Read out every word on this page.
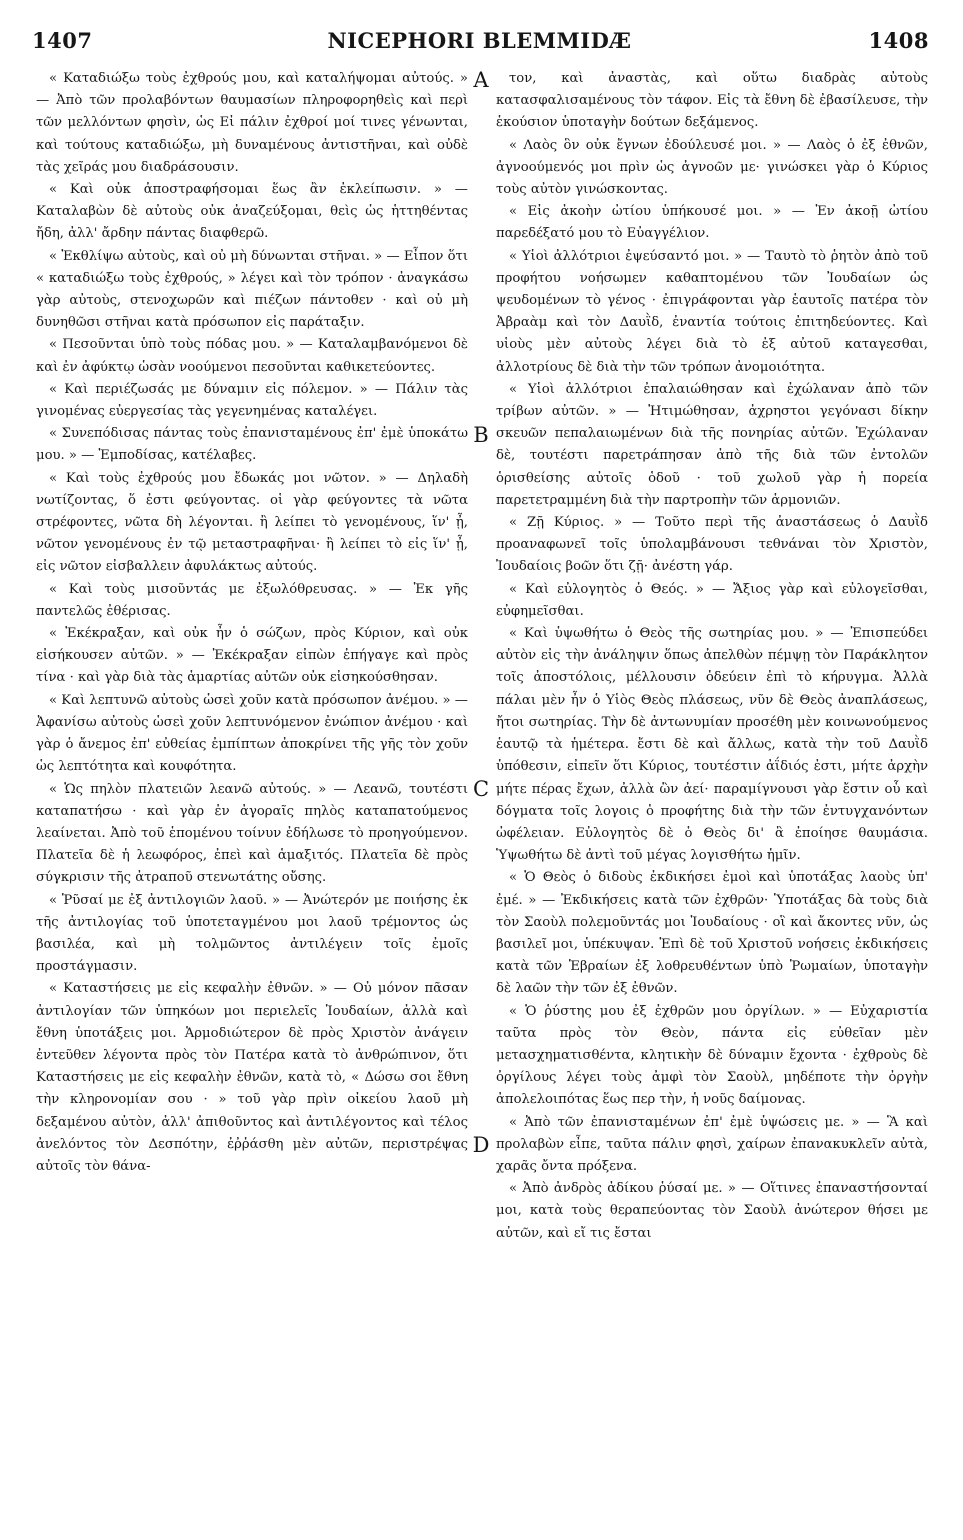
1407	NICEPHORI BLEMMIDÆ	1408

« Καταδιώξω τοὺς ἐχθρούς μου, καὶ καταλήψομαι αὐτούς. » — Ἀπὸ τῶν προλαβόντων θαυμασίων πληροφορηθεὶς καὶ περὶ τῶν μελλόντων φησὶν, ὡς Εἰ πάλιν ἐχθροί μοί τινες γένωνται, καὶ τούτους καταδιώξω, μὴ δυναμένους ἀντιστῆναι, καὶ οὐδὲ τὰς χεῖράς μου διαδράσουσιν.

« Καὶ οὐκ ἀποστραφήσομαι ἕως ἂν ἐκλείπωσιν. » — Καταλαβὼν δὲ αὐτοὺς οὐκ ἀναζεύξομαι, θεὶς ὡς ἡττηθέντας ἤδη, ἀλλ' ἄρδην πάντας διαφθερῶ.

« Ἐκθλίψω αὐτοὺς, καὶ οὐ μὴ δύνωνται στῆναι. » — Εἶπον ὅτι « καταδιώξω τοὺς ἐχθρούς, » λέγει καὶ τὸν τρόπον · ἀναγκάσω γὰρ αὐτοὺς, στενοχωρῶν καὶ πιέζων πάντοθεν · καὶ οὐ μὴ δυνηθῶσι στῆναι κατὰ πρόσωπον εἰς παράταξιν.

« Πεσοῦνται ὑπὸ τοὺς πόδας μου. » — Καταλαμβανόμενοι δὲ καὶ ἐν ἀφύκτῳ ὡσὰν νοούμενοι πεσοῦνται καθικετεύοντες.

« Καὶ περιέζωσάς με δύναμιν εἰς πόλεμον. » — Πάλιν τὰς γινομένας εὐεργεσίας τὰς γεγενημένας καταλέγει.

« Συνεπόδισας πάντας τοὺς ἐπανισταμένους ἐπ' ἐμὲ ὑποκάτω μου. » — Ἐμποδίσας, κατέλαβες.

« Καὶ τοὺς ἐχθρούς μου ἔδωκάς μοι νῶτον. » — Δηλαδὴ νωτίζοντας, ὅ ἐστι φεύγοντας. οἱ γὰρ φεύγοντες τὰ νῶτα στρέφοντες, νῶτα δὴ λέγονται. ἢ λείπει τὸ γενομένους, ἵν' ᾖ, νῶτον γενομένους ἐν τῷ μεταστραφῆναι· ἢ λείπει τὸ εἰς ἵν' ᾖ, εἰς νῶτον εἰσβαλλειν ἀφυλάκτως αὐτούς.

« Καὶ τοὺς μισοῦντάς με ἐξωλόθρευσας. » — Ἐκ γῆς παντελῶς ἐθέρισας.

« Ἐκέκραξαν, καὶ οὐκ ἦν ὁ σώζων, πρὸς Κύριον, καὶ οὐκ εἰσήκουσεν αὐτῶν. » — Ἐκέκραξαν εἰπὼν ἐπήγαγε καὶ πρὸς τίνα · καὶ γὰρ διὰ τὰς ἁμαρτίας αὐτῶν οὐκ εἰσηκούσθησαν.

« Καὶ λεπτυνῶ αὐτοὺς ὡσεὶ χοῦν κατὰ πρόσωπον ἀνέμου. » — Ἀφανίσω αὐτοὺς ὡσεὶ χοῦν λεπτυνόμενον ἐνώπιον ἀνέμου · καὶ γὰρ ὁ ἄνεμος ἐπ' εὐθείας ἐμπίπτων ἀποκρίνει τῆς γῆς τὸν χοῦν ὡς λεπτότητα καὶ κουφότητα.

« Ὡς πηλὸν πλατειῶν λεανῶ αὐτούς. » — Λεανῶ, τουτέστι καταπατήσω · καὶ γὰρ ἐν ἀγοραῖς πηλὸς καταπατούμενος λεαίνεται. Ἀπὸ τοῦ ἑπομένου τοίνυν ἐδήλωσε τὸ προηγούμενον. Πλατεῖα δὲ ἡ λεωφόρος, ἐπεὶ καὶ ἁμαξιτός. Πλατεῖα δὲ πρὸς σύγκρισιν τῆς ἀτραποῦ στενωτάτης οὔσης.

« Ῥῦσαί με ἐξ ἀντιλογιῶν λαοῦ. » — Ἀνώτερόν με ποιήσης ἐκ τῆς ἀντιλογίας τοῦ ὑποτεταγμένου μοι λαοῦ τρέμοντος ὡς βασιλέα, καὶ μὴ τολμῶντος ἀντιλέγειν τοῖς ἐμοῖς προστάγμασιν.

« Καταστήσεις με εἰς κεφαλὴν ἐθνῶν. » — Οὐ μόνον πᾶσαν ἀντιλογίαν τῶν ὑπηκόων μοι περιελεῖς Ἰουδαίων, ἀλλὰ καὶ ἔθνη ὑποτάξεις μοι. Ἁρμοδιώτερον δὲ πρὸς Χριστὸν ἀνάγειν ἐντεῦθεν λέγοντα πρὸς τὸν Πατέρα κατὰ τὸ ἀνθρώπινον, ὅτι Καταστήσεις με εἰς κεφαλὴν ἐθνῶν, κατὰ τὸ, « Δώσω σοι ἔθνη τὴν κληρονομίαν σου · » τοῦ γὰρ πρὶν οἰκείου λαοῦ μὴ δεξαμένου αὐτὸν, ἀλλ' ἀπιθοῦντος καὶ ἀντιλέγοντος καὶ τέλος ἀνελόντος τὸν Δεσπότην, ἐῤῥάσθη μὲν αὐτῶν, περιστρέψας αὐτοῖς τὸν θάνα-

τον, καὶ ἀναστὰς, καὶ οὕτω διαδρὰς αὐτοὺς κατασφαλισαμένους τὸν τάφον. Εἰς τὰ ἔθνη δὲ ἐβασίλευσε, τὴν ἑκούσιον ὑποταγὴν δούτων δεξάμενος.

« Λαὸς ὃν οὐκ ἔγνων ἐδούλευσέ μοι. » — Λαὸς ὁ ἐξ ἐθνῶν, ἀγνοούμενός μοι πρὶν ὡς ἀγνοῶν με· γινώσκει γὰρ ὁ Κύριος τοὺς αὐτὸν γινώσκοντας.

« Εἰς ἀκοὴν ὠτίου ὑπήκουσέ μοι. » — Ἐν ἀκοῇ ὠτίου παρεδέξατό μου τὸ Εὐαγγέλιον.

« Υἱοὶ ἀλλότριοι ἐψεύσαντό μοι. » — Ταυτὸ τὸ ῥητὸν ἀπὸ τοῦ προφήτου νοήσωμεν καθαπτομένου τῶν Ἰουδαίων ὡς ψευδομένων τὸ γένος · ἐπιγράφονται γὰρ ἑαυτοῖς πατέρα τὸν Ἀβραὰμ καὶ τὸν Δαυῒδ, ἐναντία τούτοις ἐπιτηδεύοντες. Καὶ υἱοὺς μὲν αὐτοὺς λέγει διὰ τὸ ἐξ αὐτοῦ καταγεσθαι, ἀλλοτρίους δὲ διὰ τὴν τῶν τρόπων ἀνομοιότητα.

« Υἱοὶ ἀλλότριοι ἐπαλαιώθησαν καὶ ἐχώλαναν ἀπὸ τῶν τρίβων αὐτῶν. » — Ἠτιμώθησαν, ἀχρηστοι γεγόνασι δίκην σκευῶν πεπαλαιωμένων διὰ τῆς πονηρίας αὐτῶν. Ἐχώλαναν δὲ, τουτέστι παρετράπησαν ἀπὸ τῆς διὰ τῶν ἐντολῶν ὁρισθείσης αὐτοῖς ὁδοῦ · τοῦ χωλοῦ γὰρ ἡ πορεία παρετετραμμένη διὰ τὴν παρτροπὴν τῶν ἁρμονιῶν.

« Ζῇ Κύριος. » — Τοῦτο περὶ τῆς ἀναστάσεως ὁ Δαυῒδ προαναφωνεῖ τοῖς ὑπολαμβάνουσι τεθνάναι τὸν Χριστὸν, Ἰουδαίοις βοῶν ὅτι ζῇ· ἀνέστη γάρ.

« Καὶ εὐλογητὸς ὁ Θεός. » — Ἄξιος γὰρ καὶ εὐλογεῖσθαι, εὐφημεῖσθαι.

« Καὶ ὑψωθήτω ὁ Θεὸς τῆς σωτηρίας μου. » — Ἐπισπεύδει αὐτὸν εἰς τὴν ἀνάληψιν ὅπως ἀπελθὼν πέμψῃ τὸν Παράκλητον τοῖς ἀποστόλοις, μέλλουσιν ὁδεύειν ἐπὶ τὸ κήρυγμα. Ἀλλὰ πάλαι μὲν ἦν ὁ Υἱὸς Θεὸς πλάσεως, νῦν δὲ Θεὸς ἀναπλάσεως, ἤτοι σωτηρίας. Τὴν δὲ ἀντωνυμίαν προσέθη μὲν κοινωνούμενος ἑαυτῷ τὰ ἡμέτερα. ἔστι δὲ καὶ ἄλλως, κατὰ τὴν τοῦ Δαυῒδ ὑπόθεσιν, εἰπεῖν ὅτι Κύριος, τουτέστιν ἀΐδιός ἐστι, μήτε ἀρχὴν μήτε πέρας ἔχων, ἀλλὰ ὢν ἀεί· παραμίγνουσι γὰρ ἔστιν οὗ καὶ δόγματα τοῖς λογοις ὁ προφήτης διὰ τὴν τῶν ἐντυγχανόντων ὠφέλειαν. Εὐλογητὸς δὲ ὁ Θεὸς δι' ἃ ἐποίησε θαυμάσια. Ὑψωθήτω δὲ ἀντὶ τοῦ μέγας λογισθήτω ἡμῖν.

« Ὁ Θεὸς ὁ διδοὺς ἐκδικήσει ἐμοὶ καὶ ὑποτάξας λαοὺς ὑπ' ἐμέ. » — Ἐκδικήσεις κατὰ τῶν ἐχθρῶν· Ὑποτάξας δὰ τοὺς διὰ τὸν Σαοὺλ πολεμοῦντάς μοι Ἰουδαίους · οἳ καὶ ἄκοντες νῦν, ὡς βασιλεῖ μοι, ὑπέκυψαν. Ἐπὶ δὲ τοῦ Χριστοῦ νοήσεις ἐκδικήσεις κατὰ τῶν Ἑβραίων ἐξ λοθρευθέντων ὑπὸ Ῥωμαίων, ὑποταγὴν δὲ λαῶν τὴν τῶν ἐξ ἐθνῶν.

« Ὁ ῥύστης μου ἐξ ἐχθρῶν μου ὀργίλων. » — Εὐχαριστία ταῦτα πρὸς τὸν Θεὸν, πάντα εἰς εὐθεῖαν μὲν μετασχηματισθέντα, κλητικὴν δὲ δύναμιν ἔχοντα · ἐχθροὺς δὲ ὀργίλους λέγει τοὺς ἀμφὶ τὸν Σαοὺλ, μηδέποτε τὴν ὀργὴν ἀπολελοιπότας ἕως περ τὴν, ἡ νοῦς δαίμονας.

« Ἀπὸ τῶν ἐπανισταμένων ἐπ' ἐμὲ ὑψώσεις με. » — Ἃ καὶ προλαβὼν εἶπε, ταῦτα πάλιν φησὶ, χαίρων ἐπανακυκλεῖν αὐτὰ, χαρᾶς ὄντα πρόξενα.

« Ἀπὸ ἀνδρὸς ἀδίκου ῥύσαί με. » — Οἵτινες ἐπαναστήσονταί μοι, κατὰ τοὺς θεραπεύοντας τὸν Σαοὺλ ἀνώτερον θήσει με αὐτῶν, καὶ εἴ τις ἔσται

A
B
C
D
